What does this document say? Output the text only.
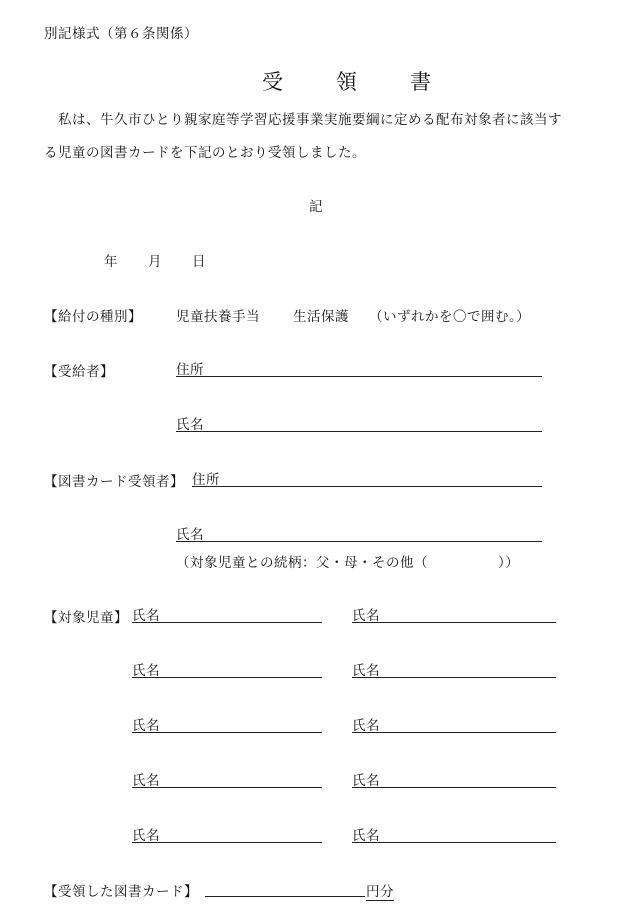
別記様式（第６条関係）
受　領　書
私は、牛久市ひとり親家庭等学習応援事業実施要綱に定める配布対象者に該当す
る児童の図書カードを下記のとおり受領しました。
記
年 月 日
【給付の種別】	児童扶養手当 生活保護 （いずれかを〇で囲む。）
【受給者】	住所
氏名
【図書カード受領者】 住所
氏名
（対象児童との続柄：父・母・その他（　　　　　））
【対象児童】 氏名	氏名
氏名	氏名
氏名	氏名
氏名	氏名
氏名	氏名
【受領した図書カード】	円分
